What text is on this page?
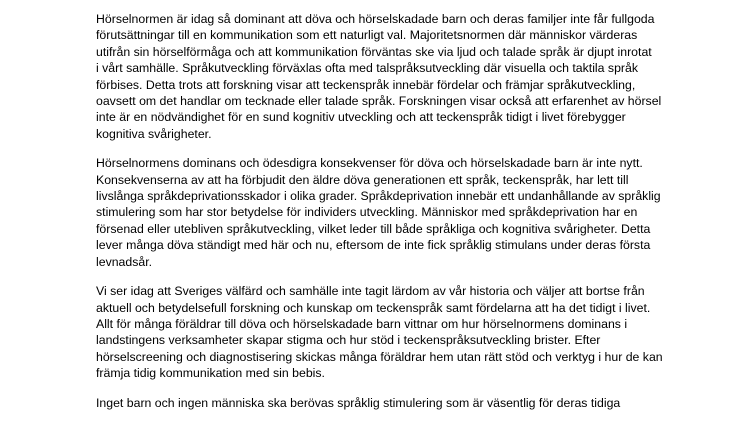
Hörselnormen är idag så dominant att döva och hörselskadade barn och deras familjer inte får fullgoda
förutsättningar till en kommunikation som ett naturligt val. Majoritetsnormen där människor värderas
utifrån sin hörselförmåga och att kommunikation förväntas ske via ljud och talade språk är djupt inrotat
i vårt samhälle. Språkutveckling förväxlas ofta med talspråksutveckling där visuella och taktila språk
förbises. Detta trots att forskning visar att teckenspråk innebär fördelar och främjar språkutveckling,
oavsett om det handlar om tecknade eller talade språk. Forskningen visar också att erfarenhet av hörsel
inte är en nödvändighet för en sund kognitiv utveckling och att teckenspråk tidigt i livet förebygger
kognitiva svårigheter.

Hörselnormens dominans och ödesdigra konsekvenser för döva och hörselskadade barn är inte nytt.
Konsekvenserna av att ha förbjudit den äldre döva generationen ett språk, teckenspråk, har lett till
livslånga språkdeprivationsskador i olika grader. Språkdeprivation innebär ett undanhållande av språklig
stimulering som har stor betydelse för individers utveckling. Människor med språkdeprivation har en
försenad eller utebliven språkutveckling, vilket leder till både språkliga och kognitiva svårigheter. Detta
lever många döva ständigt med här och nu, eftersom de inte fick språklig stimulans under deras första
levnadsår.

Vi ser idag att Sveriges välfärd och samhälle inte tagit lärdom av vår historia och väljer att bortse från
aktuell och betydelsefull forskning och kunskap om teckenspråk samt fördelarna att ha det tidigt i livet.
Allt för många föräldrar till döva och hörselskadade barn vittnar om hur hörselnormens dominans i
landstingens verksamheter skapar stigma och hur stöd i teckenspråksutveckling brister. Efter
hörselscreening och diagnostisering skickas många föräldrar hem utan rätt stöd och verktyg i hur de kan
främja tidig kommunikation med sin bebis.

Inget barn och ingen människa ska berövas språklig stimulering som är väsentlig för deras tidiga
